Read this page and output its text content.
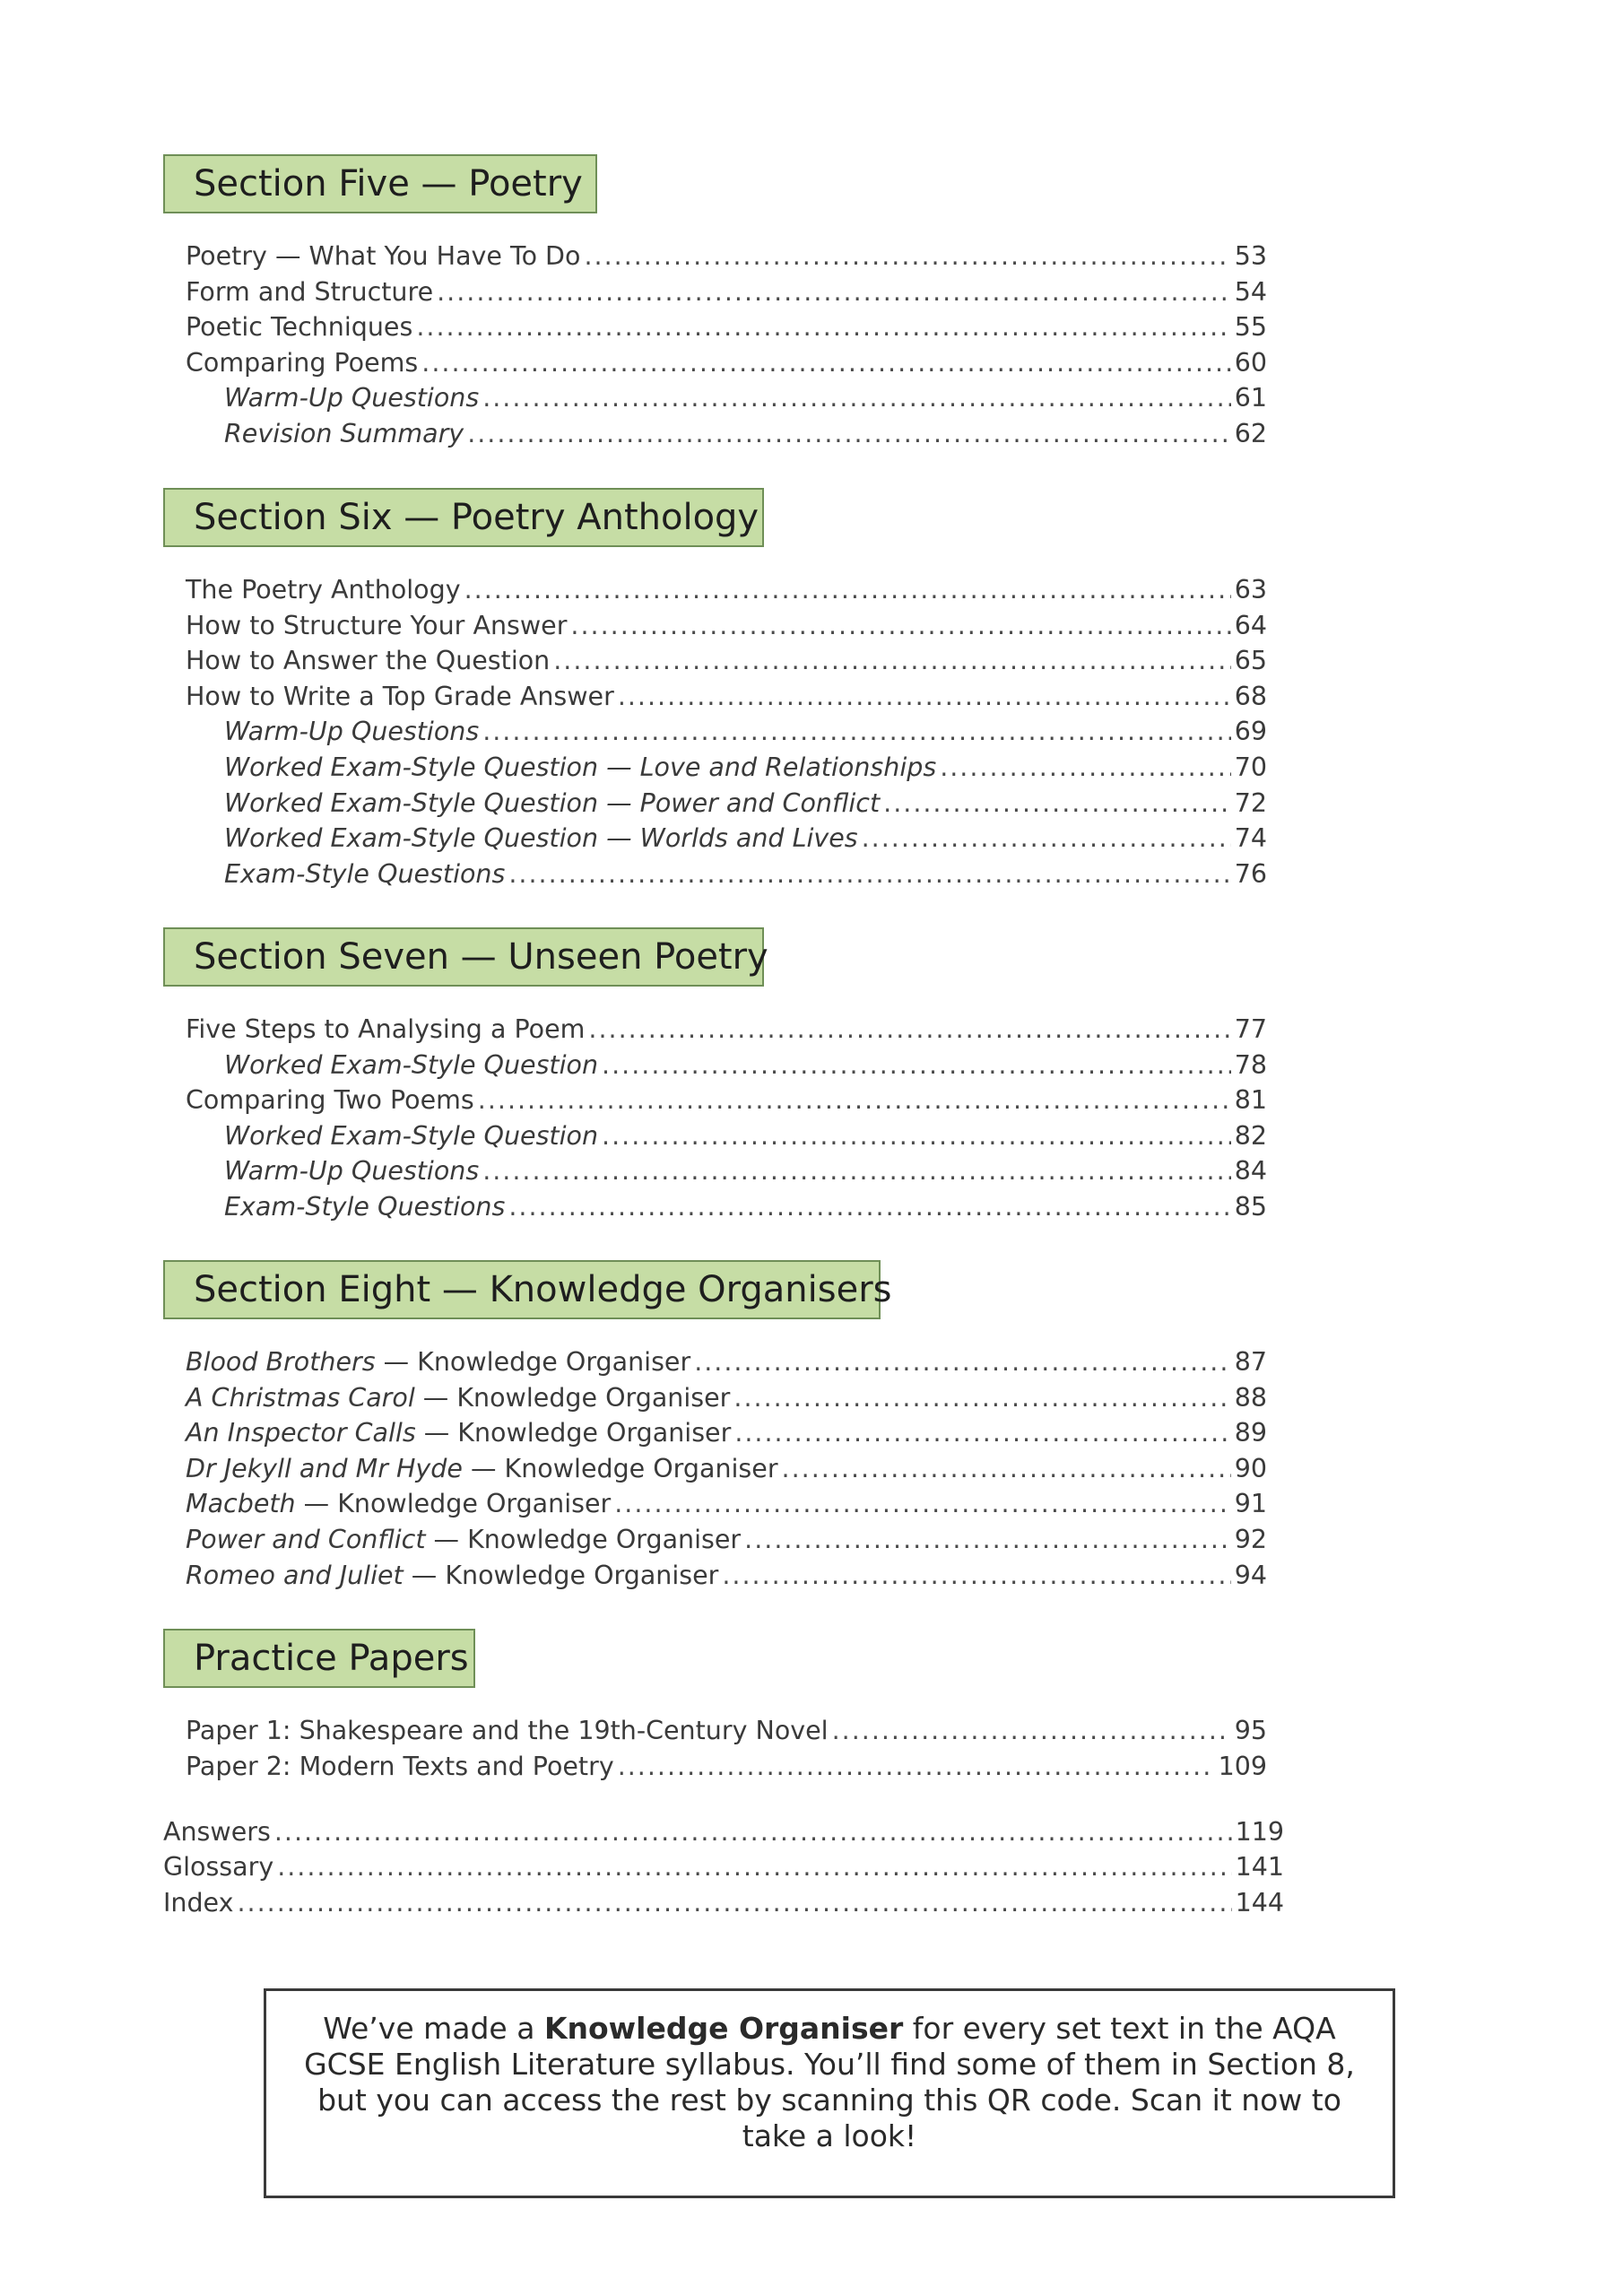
Section Five — Poetry
Poetry — What You Have To Do .....	53
Form and Structure .....	54
Poetic Techniques .....	55
Comparing Poems .....	60
Warm-Up Questions .....	61
Revision Summary .....	62
Section Six — Poetry Anthology
The Poetry Anthology .....	63
How to Structure Your Answer .....	64
How to Answer the Question .....	65
How to Write a Top Grade Answer .....	68
Warm-Up Questions .....	69
Worked Exam-Style Question — Love and Relationships .....	70
Worked Exam-Style Question — Power and Conflict .....	72
Worked Exam-Style Question — Worlds and Lives .....	74
Exam-Style Questions .....	76
Section Seven — Unseen Poetry
Five Steps to Analysing a Poem .....	77
Worked Exam-Style Question .....	78
Comparing Two Poems .....	81
Worked Exam-Style Question .....	82
Warm-Up Questions .....	84
Exam-Style Questions .....	85
Section Eight — Knowledge Organisers
Blood Brothers — Knowledge Organiser .....	87
A Christmas Carol — Knowledge Organiser .....	88
An Inspector Calls — Knowledge Organiser .....	89
Dr Jekyll and Mr Hyde — Knowledge Organiser .....	90
Macbeth — Knowledge Organiser .....	91
Power and Conflict — Knowledge Organiser .....	92
Romeo and Juliet — Knowledge Organiser .....	94
Practice Papers
Paper 1: Shakespeare and the 19th-Century Novel .....	95
Paper 2: Modern Texts and Poetry .....	109
Answers .....	119
Glossary .....	141
Index .....	144

We’ve made a Knowledge Organiser for every set text in the AQA GCSE English Literature syllabus. You’ll find some of them in Section 8, but you can access the rest by scanning this QR code. Scan it now to take a look!
